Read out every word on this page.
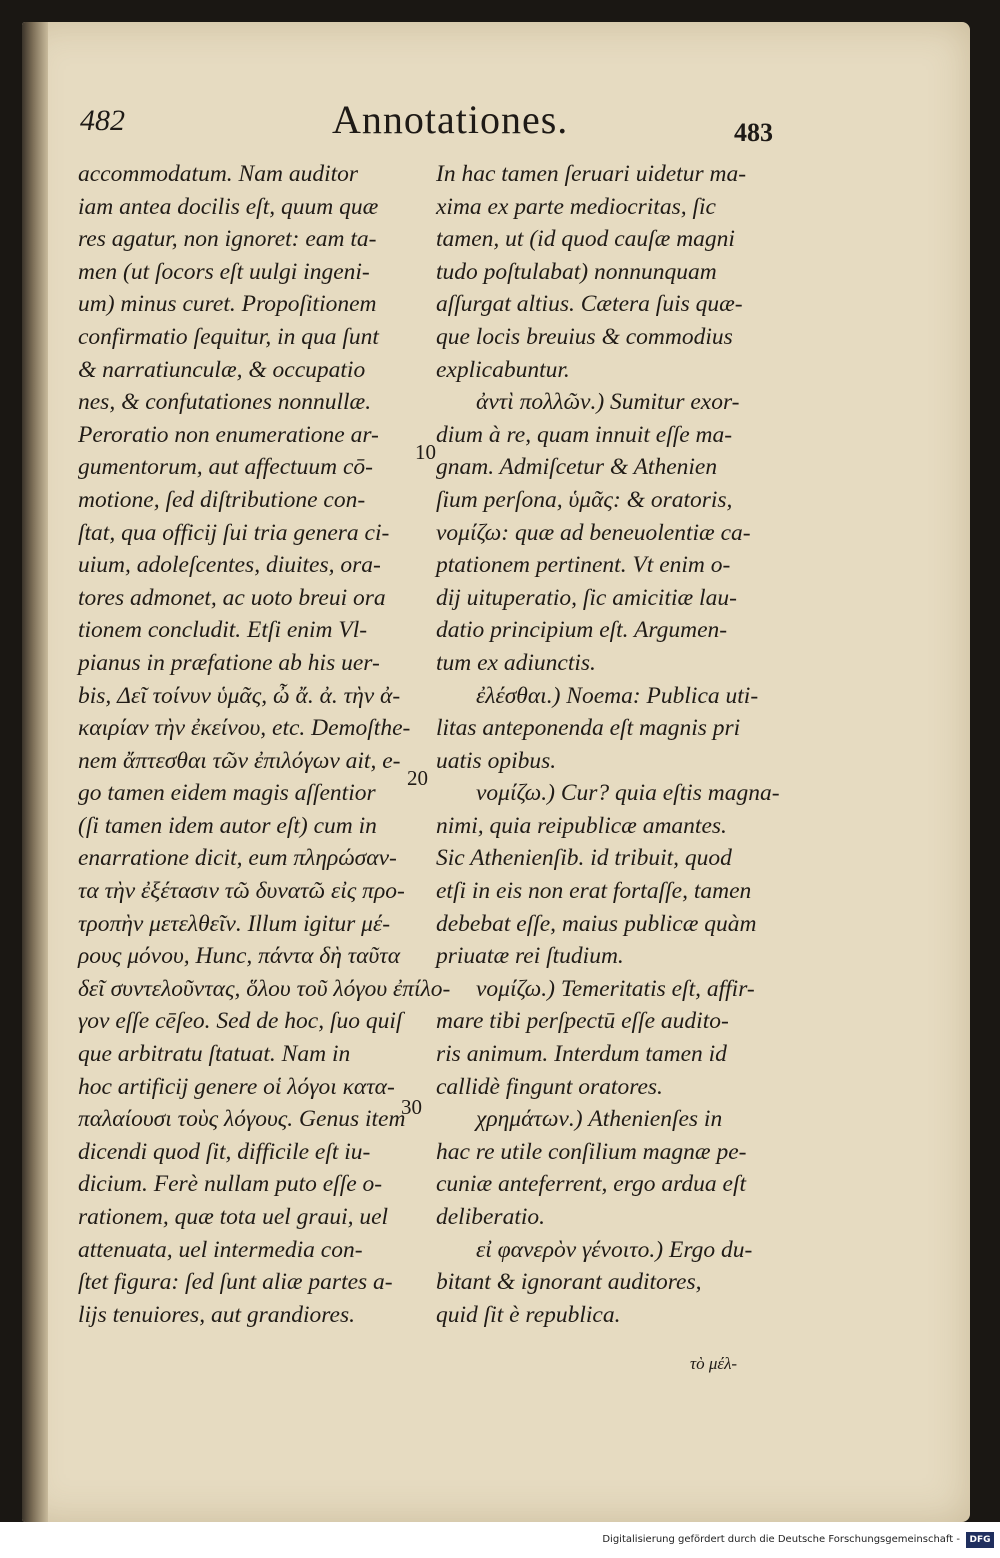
482	Annotationes.	483
accommodatum. Nam auditor
iam antea docilis eſt, quum quæ
res agatur, non ignoret: eam ta-
men (ut ſocors eſt uulgi ingeni-
um) minus curet. Propoſitionem
confirmatio ſequitur, in qua ſunt
& narratiunculæ, & occupatio
nes, & confutationes nonnullæ.
Peroratio non enumeratione ar-
gumentorum, aut affectuum cō-
motione, ſed diſtributione con-
ſtat, qua officij ſui tria genera ci-
uium, adoleſcentes, diuites, ora-
tores admonet, ac uoto breui ora
tionem concludit. Etſi enim Vl-
pianus in præfatione ab his uer-
bis, Δεῖ τοίνυν ὑμᾶς, ὦ ἄ. ἀ. τὴν ἀ-
καιρίαν τὴν ἐκείνου, etc. Demoſthe-
nem ἄπτεσθαι τῶν ἐπιλόγων ait, e-
go tamen eidem magis aſſentior
(ſi tamen idem autor eſt) cum in
enarratione dicit, eum πληρώσαν-
τα τὴν ἐξέτασιν τῶ δυνατῶ εἰς προ-
τροπὴν μετελθεῖν. Illum igitur μέ-
ρους μόνου, Hunc, πάντα δὴ ταῦτα
δεῖ συντελοῦντας, ὅλου τοῦ λόγου ἐπίλο-
γον eſſe cēſeo. Sed de hoc, ſuo quiſ
que arbitratu ſtatuat. Nam in
hoc artificij genere οἱ λόγοι κατα-
παλαίουσι τοὺς λόγους. Genus item
dicendi quod ſit, difficile eſt iu-
dicium. Ferè nullam puto eſſe o-
rationem, quæ tota uel graui, uel
attenuata, uel intermedia con-
ſtet figura: ſed ſunt aliæ partes a-
lijs tenuiores, aut grandiores.
In hac tamen ſeruari uidetur ma-
xima ex parte mediocritas, ſic
tamen, ut (id quod cauſæ magni
tudo poſtulabat) nonnunquam
aſſurgat altius. Cætera ſuis quæ-
que locis breuius & commodius
explicabuntur.
ἀντὶ πολλῶν.) Sumitur exor-
dium à re, quam innuit eſſe ma-
gnam. Admiſcetur & Athenien
ſium perſona, ὑμᾶς: & oratoris,
νομίζω: quæ ad beneuolentiæ ca-
ptationem pertinent. Vt enim o-
dij uituperatio, ſic amicitiæ lau-
datio principium eſt. Argumen-
tum ex adiunctis.
ἐλέσθαι.) Noema: Publica uti-
litas anteponenda eſt magnis pri
uatis opibus.
νομίζω.) Cur? quia eſtis magna-
nimi, quia reipublicæ amantes.
Sic Athenienſib. id tribuit, quod
etſi in eis non erat fortaſſe, tamen
debebat eſſe, maius publicæ quàm
priuatæ rei ſtudium.
νομίζω.) Temeritatis eſt, affir-
mare tibi perſpectū eſſe audito-
ris animum. Interdum tamen id
callidè fingunt oratores.
χρημάτων.) Athenienſes in
hac re utile conſilium magnæ pe-
cuniæ anteferrent, ergo ardua eſt
deliberatio.
εἰ φανερὸν γένοιτο.) Ergo du-
bitant & ignorant auditores,
quid ſit è republica.
10
20
30
τὸ μέλ-
Digitalisierung gefördert durch die Deutsche Forschungsgemeinschaft -	DFG
